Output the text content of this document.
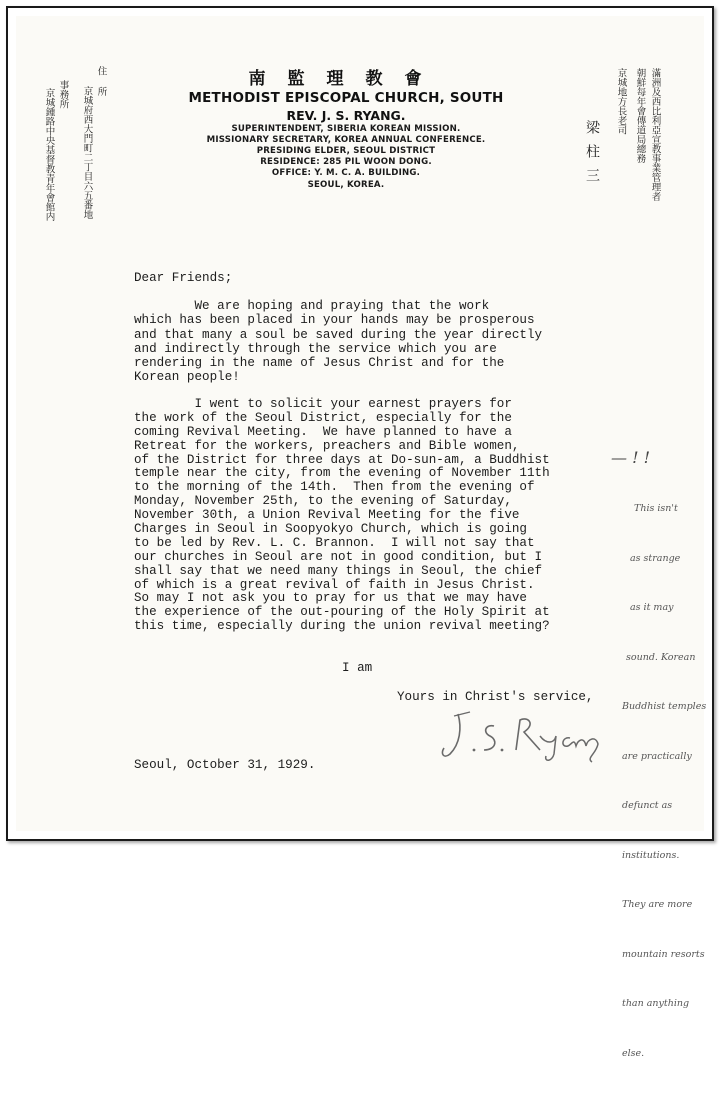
住 所
京城府西大門町二丁目六五番地
事務所
京城鍾路中央基督教青年會館内
南監理教會
METHODIST EPISCOPAL CHURCH, SOUTH
REV. J. S. RYANG.
SUPERINTENDENT, SIBERIA KOREAN MISSION.
MISSIONARY SECRETARY, KOREA ANNUAL CONFERENCE.
PRESIDING ELDER, SEOUL DISTRICT
RESIDENCE: 285 PIL WOON DONG.
OFFICE: Y. M. C. A. BUILDING.
SEOUL, KOREA.	滿洲及西比利亞宣教事業管理者
朝鮮每年會傳道局總務
京城地方長老司
梁柱三
Dear Friends;
We are hoping and praying that the work
which has been placed in your hands may be prosperous
and that many a soul be saved during the year directly
and indirectly through the service which you are
rendering in the name of Jesus Christ and for the
Korean people!
I went to solicit your earnest prayers for
the work of the Seoul District, especially for the
coming Revival Meeting.  We have planned to have a
Retreat for the workers, preachers and Bible women,
of the District for three days at Do-sun-am, a Buddhist
temple near the city, from the evening of November 11th
to the morning of the 14th.  Then from the evening of
Monday, November 25th, to the evening of Saturday,
November 30th, a Union Revival Meeting for the five
Charges in Seoul in Soopyokyo Church, which is going
to be led by Rev. L. C. Brannon.  I will not say that
our churches in Seoul are not in good condition, but I
shall say that we need many things in Seoul, the chief
of which is a great revival of faith in Jesus Christ.
So may I not ask you to pray for us that we may have
the experience of the out-pouring of the Holy Spirit at
this time, especially during the union revival meeting?
I am
Yours in Christ's service,
Seoul, October 31, 1929.
— ! !

This isn't

as strange

as it may

sound. Korean

Buddhist temples

are practically

defunct as

institutions.

They are more

mountain resorts

than anything

else.
